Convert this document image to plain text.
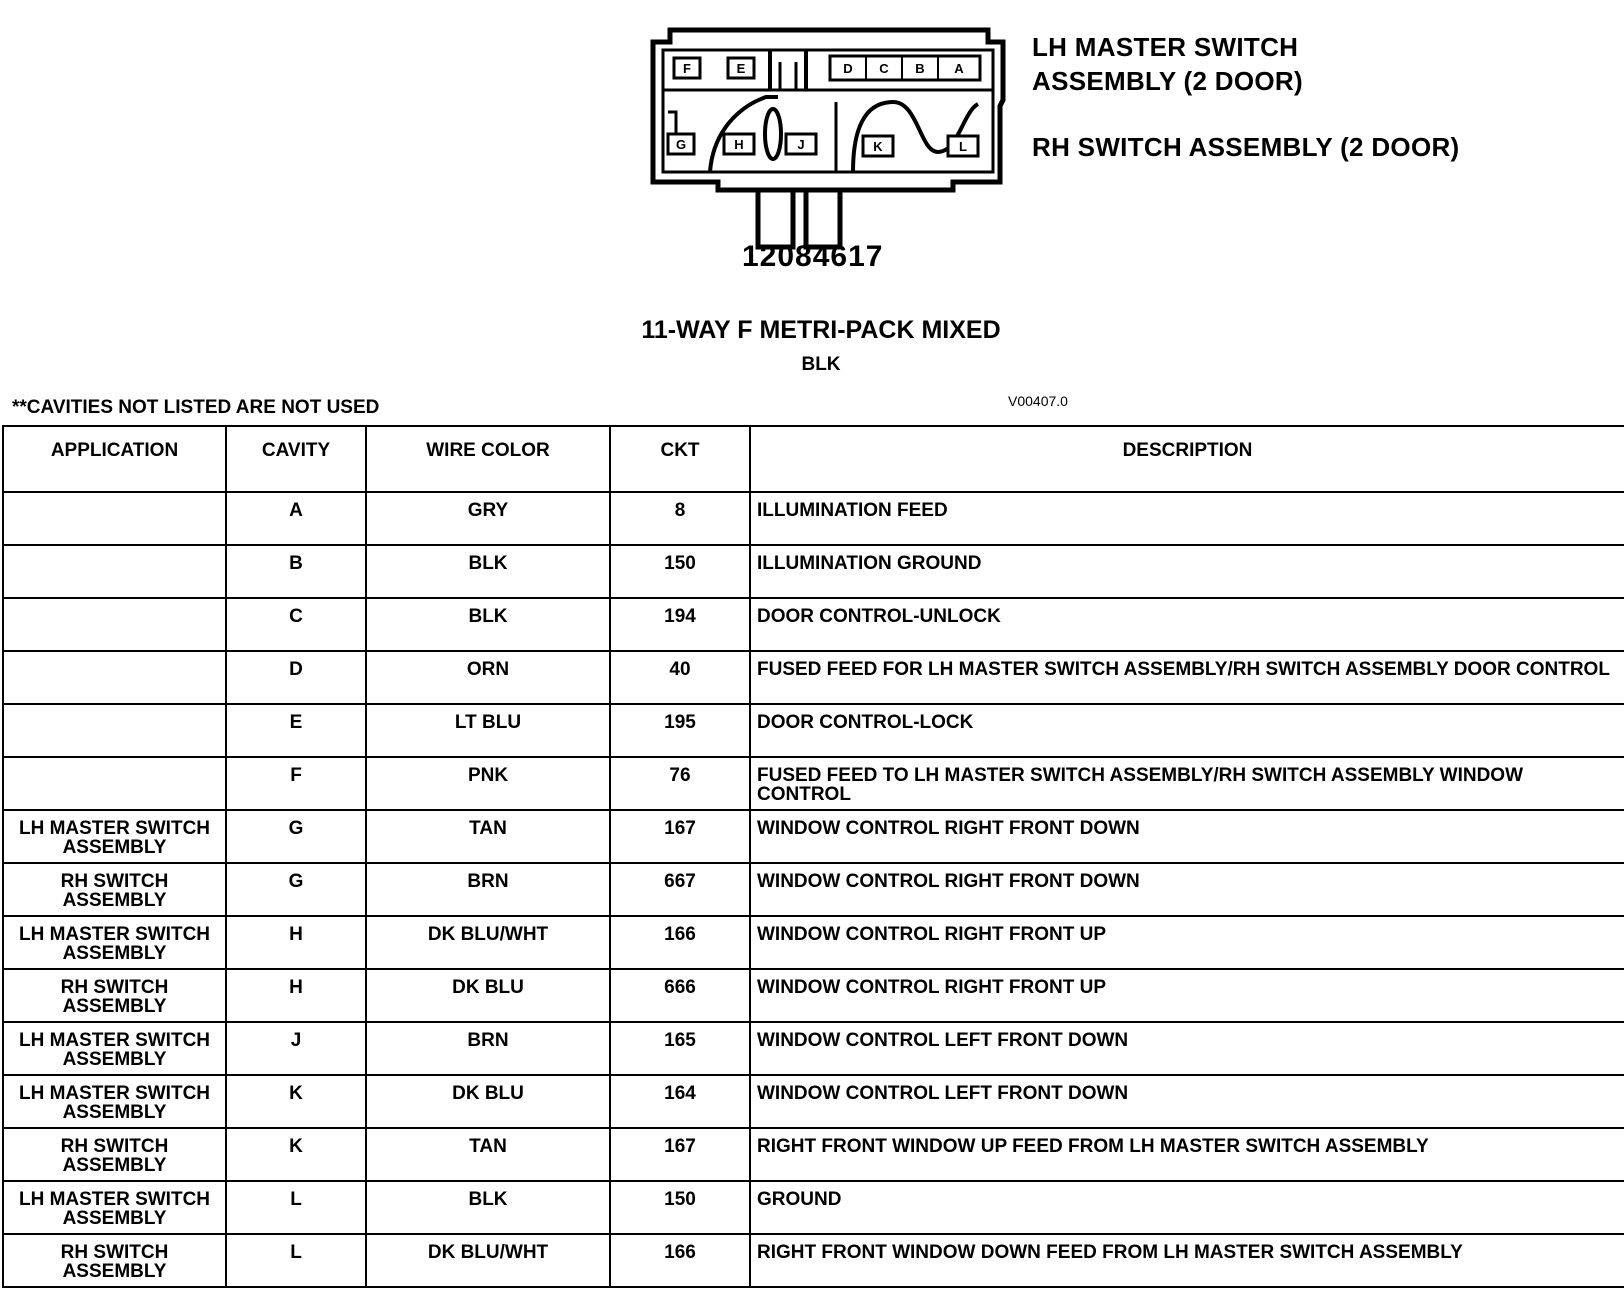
F	E	D C B A
G	H	J	K	L
LH MASTER SWITCH ASSEMBLY (2 DOOR)
RH SWITCH ASSEMBLY (2 DOOR)
12084617
11-WAY F METRI-PACK MIXED
BLK
**CAVITIES NOT LISTED ARE NOT USED	V00407.0
APPLICATION	CAVITY	WIRE COLOR	CKT	DESCRIPTION
	A	GRY	8	ILLUMINATION FEED
	B	BLK	150	ILLUMINATION GROUND
	C	BLK	194	DOOR CONTROL-UNLOCK
	D	ORN	40	FUSED FEED FOR LH MASTER SWITCH ASSEMBLY/RH SWITCH ASSEMBLY DOOR CONTROL
	E	LT BLU	195	DOOR CONTROL-LOCK
	F	PNK	76	FUSED FEED TO LH MASTER SWITCH ASSEMBLY/RH SWITCH ASSEMBLY WINDOW CONTROL
LH MASTER SWITCH ASSEMBLY	G	TAN	167	WINDOW CONTROL RIGHT FRONT DOWN
RH SWITCH ASSEMBLY	G	BRN	667	WINDOW CONTROL RIGHT FRONT DOWN
LH MASTER SWITCH ASSEMBLY	H	DK BLU/WHT	166	WINDOW CONTROL RIGHT FRONT UP
RH SWITCH ASSEMBLY	H	DK BLU	666	WINDOW CONTROL RIGHT FRONT UP
LH MASTER SWITCH ASSEMBLY	J	BRN	165	WINDOW CONTROL LEFT FRONT DOWN
LH MASTER SWITCH ASSEMBLY	K	DK BLU	164	WINDOW CONTROL LEFT FRONT DOWN
RH SWITCH ASSEMBLY	K	TAN	167	RIGHT FRONT WINDOW UP FEED FROM LH MASTER SWITCH ASSEMBLY
LH MASTER SWITCH ASSEMBLY	L	BLK	150	GROUND
RH SWITCH ASSEMBLY	L	DK BLU/WHT	166	RIGHT FRONT WINDOW DOWN FEED FROM LH MASTER SWITCH ASSEMBLY
